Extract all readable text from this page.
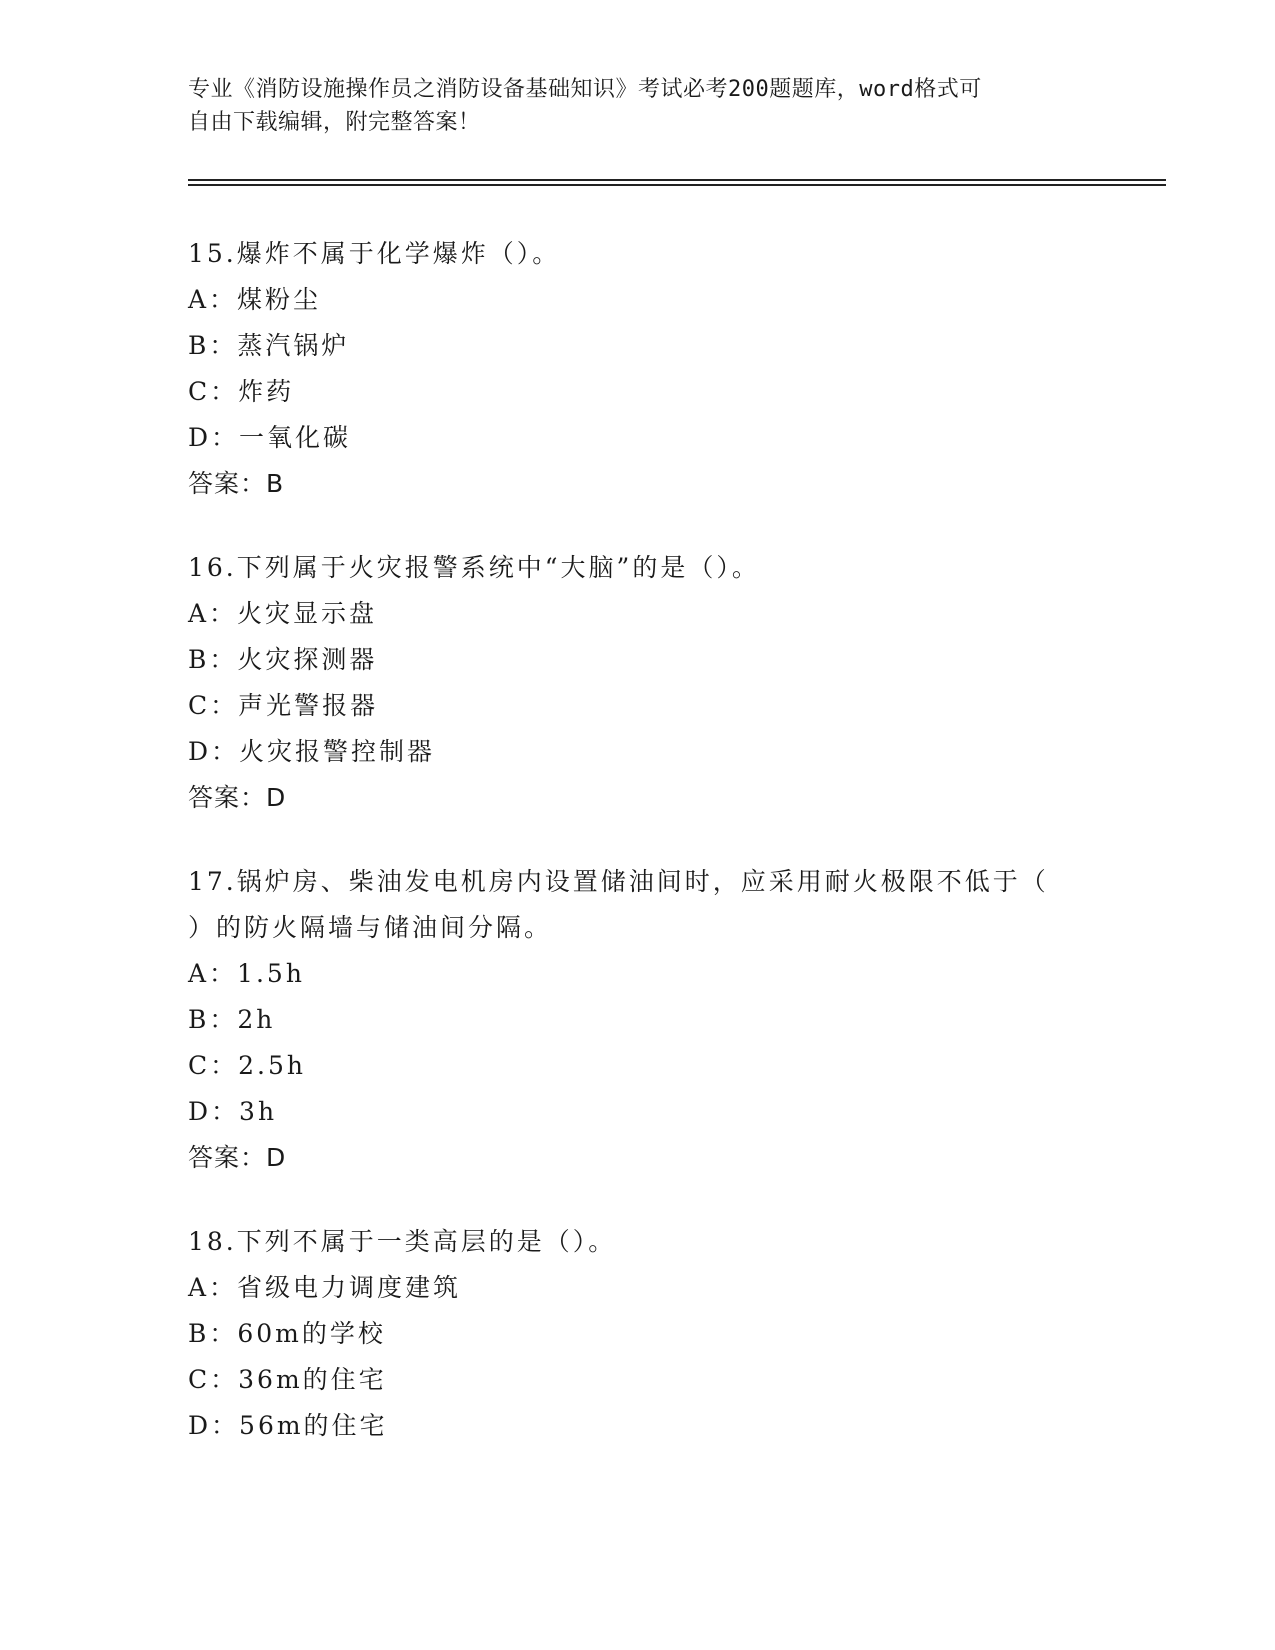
专业《消防设施操作员之消防设备基础知识》考试必考200题题库，word格式可
自由下载编辑，附完整答案！
15.爆炸不属于化学爆炸（）。
A：煤粉尘
B：蒸汽锅炉
C：炸药
D：一氧化碳
答案：B
16.下列属于火灾报警系统中“大脑”的是（）。
A：火灾显示盘
B：火灾探测器
C：声光警报器
D：火灾报警控制器
答案：D
17.锅炉房、柴油发电机房内设置储油间时，应采用耐火极限不低于（
）的防火隔墙与储油间分隔。
A：1.5h
B：2h
C：2.5h
D：3h
答案：D
18.下列不属于一类高层的是（）。
A：省级电力调度建筑
B：60m的学校
C：36m的住宅
D：56m的住宅
